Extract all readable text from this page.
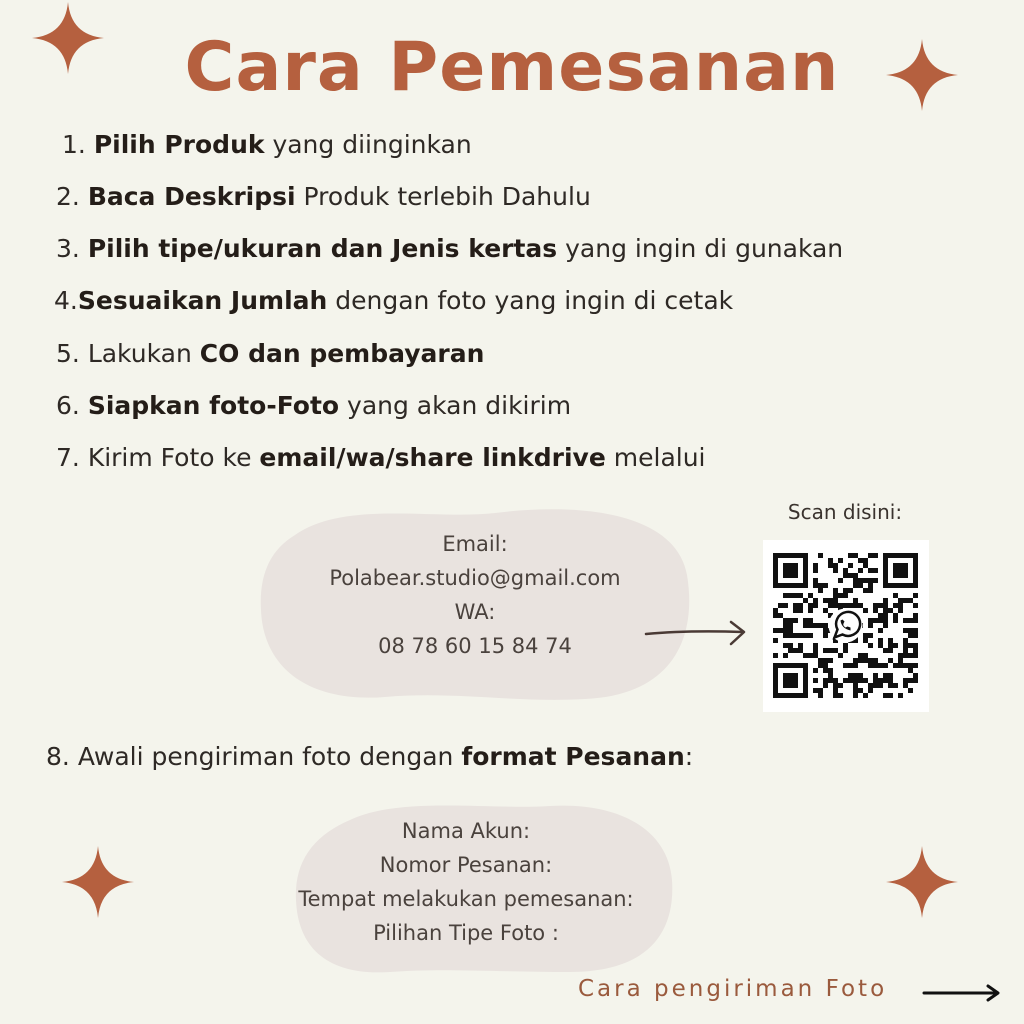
Cara Pemesanan
1. Pilih Produk yang diinginkan
2. Baca Deskripsi Produk terlebih Dahulu
3. Pilih tipe/ukuran dan Jenis kertas yang ingin di gunakan
4.Sesuaikan Jumlah dengan foto yang ingin di cetak
5. Lakukan CO dan pembayaran
6. Siapkan foto-Foto yang akan dikirim
7. Kirim Foto ke email/wa/share linkdrive melalui
Email:
Polabear.studio@gmail.com
WA:
08 78 60 15 84 74
Scan disini:
8. Awali pengiriman foto dengan format Pesanan:
Nama Akun:
Nomor Pesanan:
Tempat melakukan pemesanan:
Pilihan Tipe Foto :
Cara pengiriman Foto
